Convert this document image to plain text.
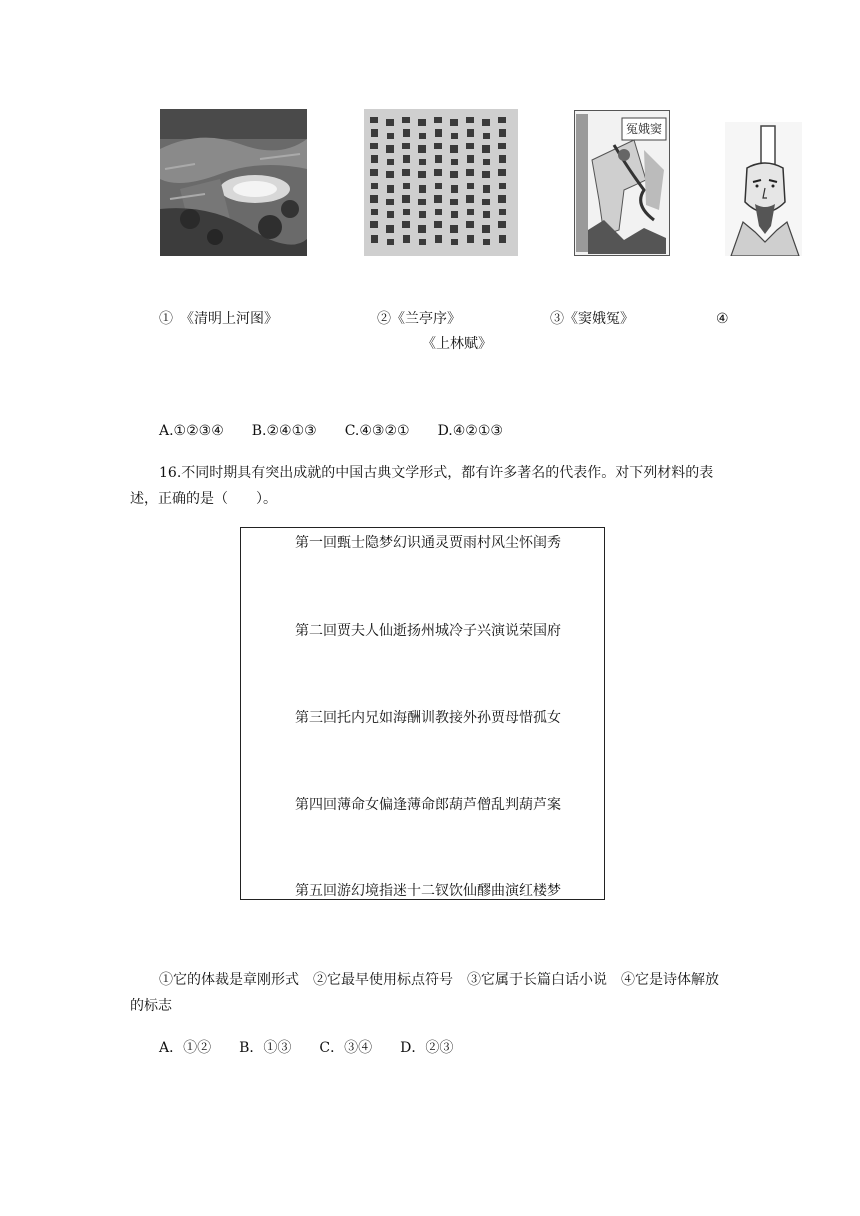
冤娥窦
①　《清明上河图》	②《兰亭序》	③《窦娥冤》	④
《上林赋》
A.①②③④　　B.②④①③　　C.④③②①　　D.④②①③
16.不同时期具有突出成就的中国古典文学形式，都有许多著名的代表作。对下列材料的表述，正确的是（　　）。
第一回甄士隐梦幻识通灵贾雨村风尘怀闺秀
第二回贾夫人仙逝扬州城冷子兴演说荣国府
第三回托内兄如海酬训教接外孙贾母惜孤女
第四回薄命女偏逢薄命郎葫芦僧乱判葫芦案
第五回游幻境指迷十二钗饮仙醪曲演红楼梦
①它的体裁是章刚形式　②它最早使用标点符号　③它属于长篇白话小说　④它是诗体解放的标志
A．①②　　B．①③　　C．③④　　D．②③
